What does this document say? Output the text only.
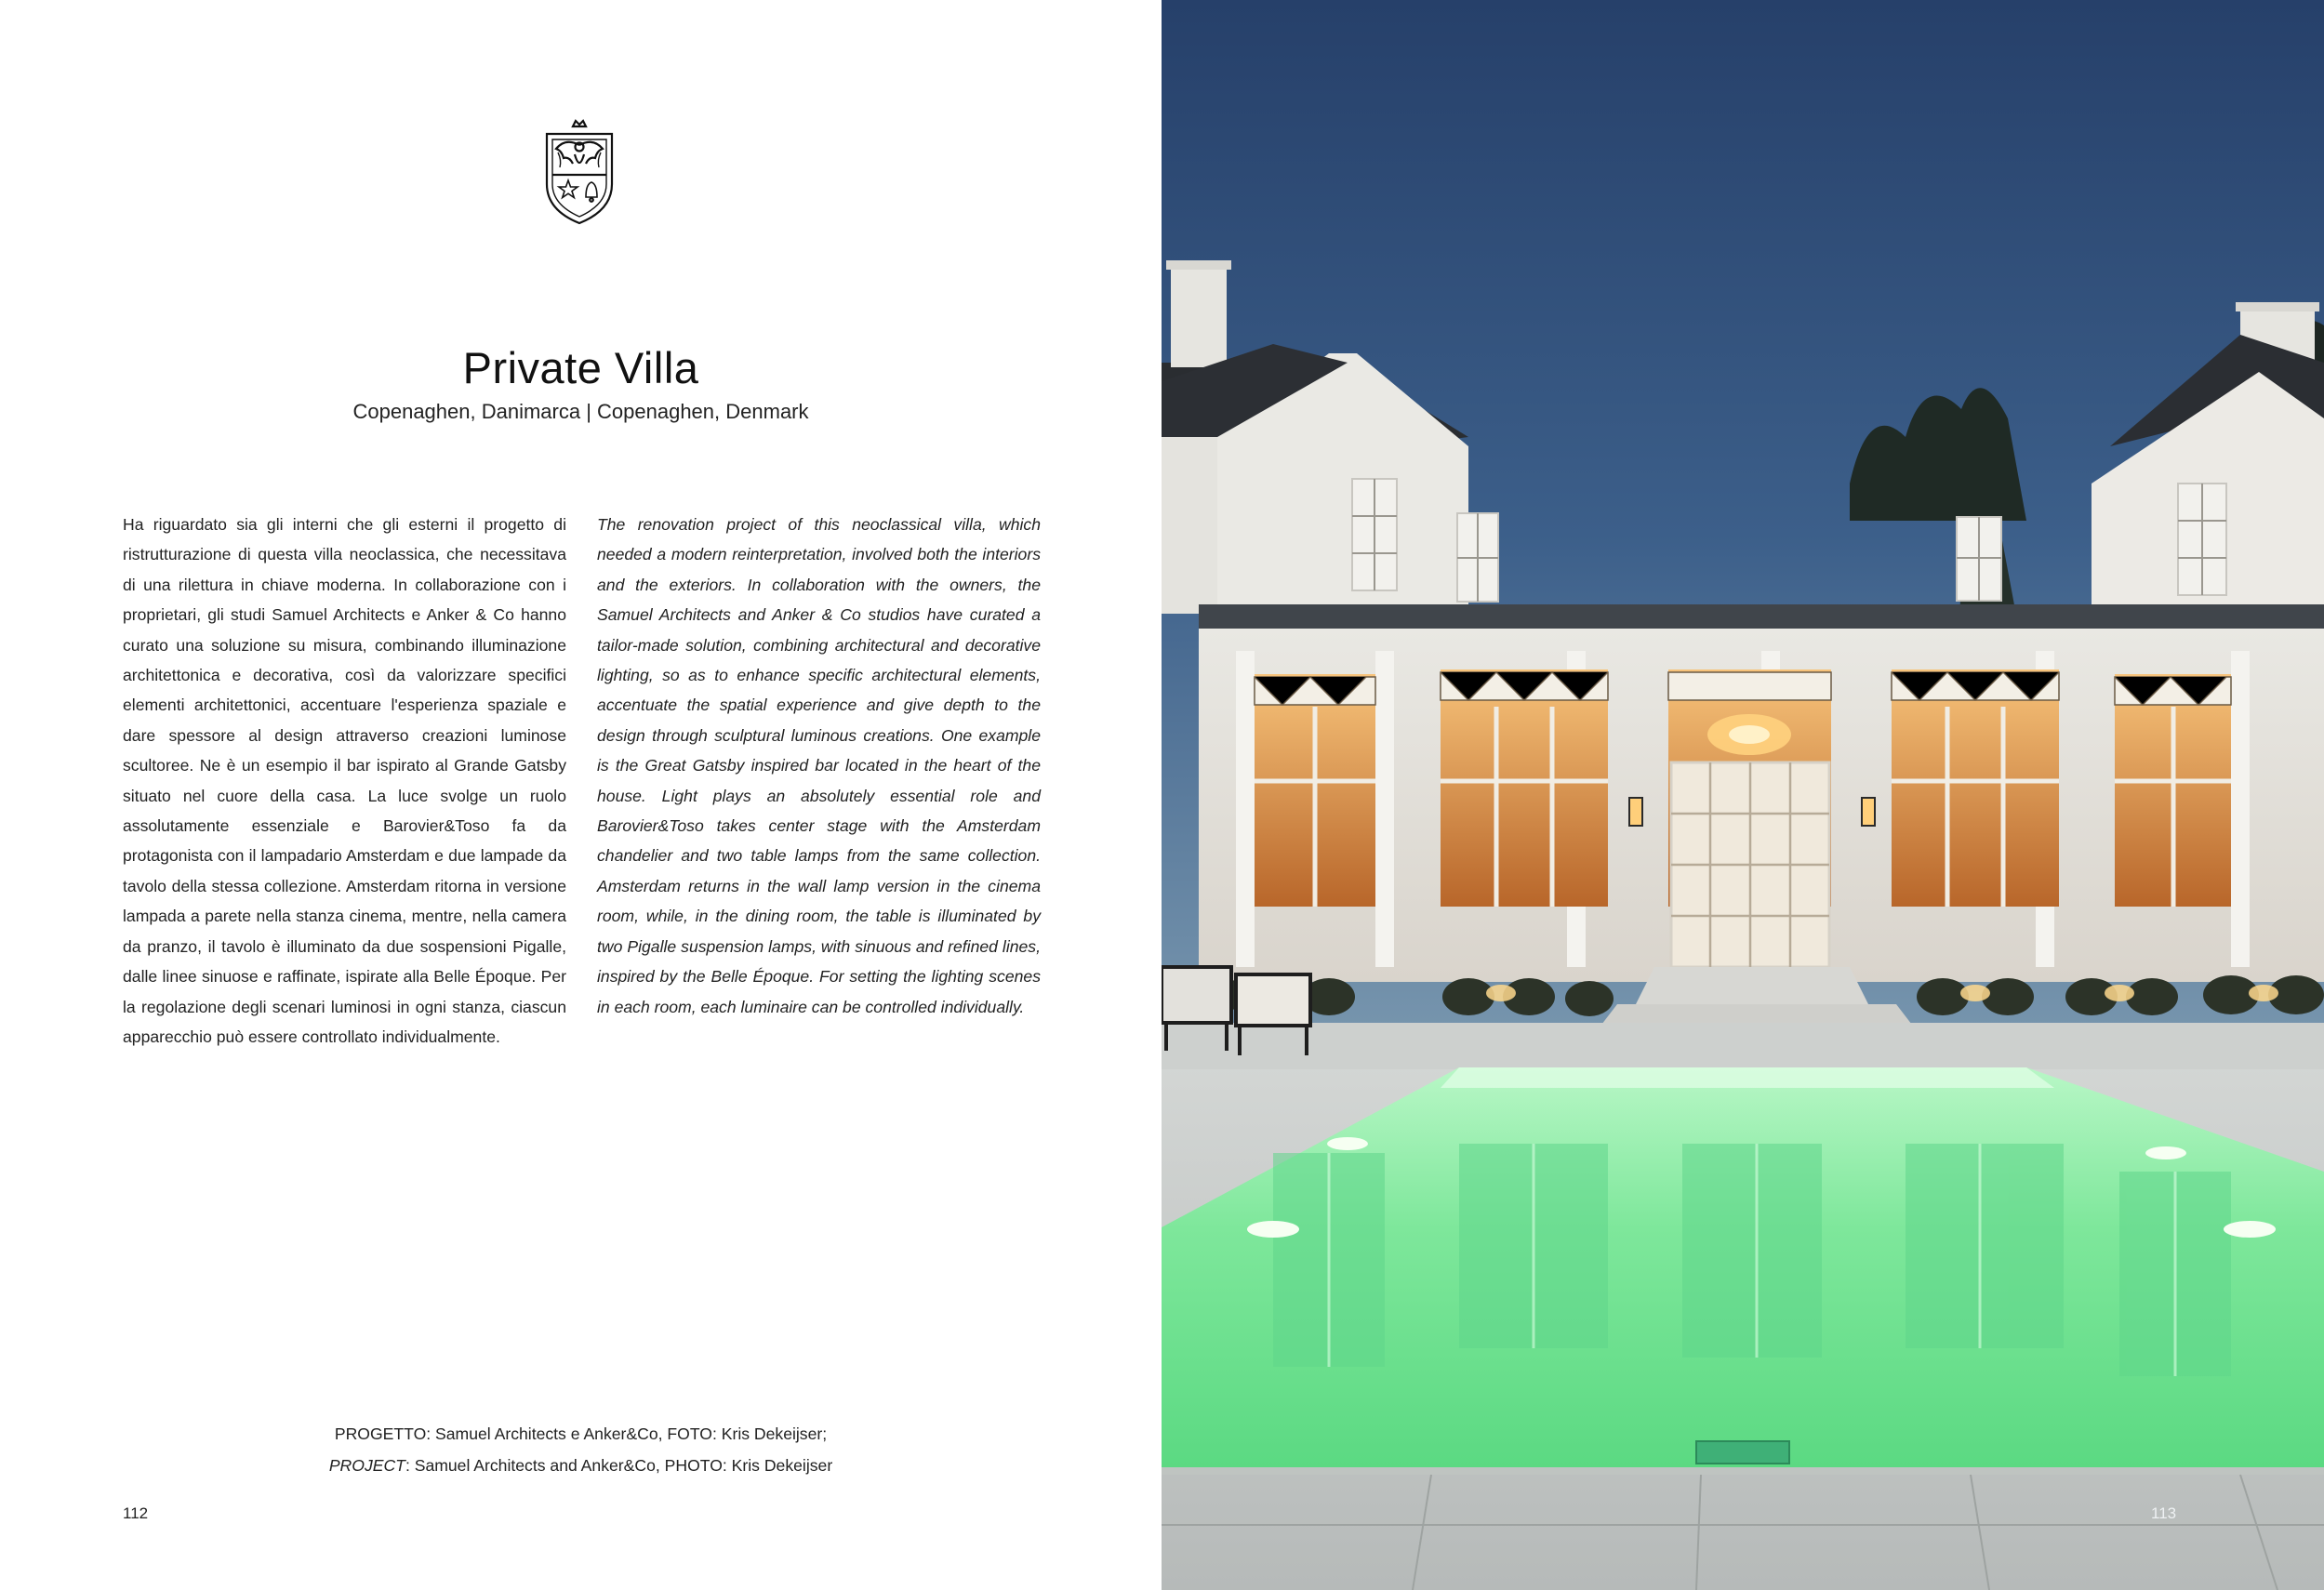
Private Villa
Copenaghen, Danimarca | Copenaghen, Denmark
Ha riguardato sia gli interni che gli esterni il progetto di ristrutturazione di questa villa neoclassica, che necessitava di una rilettura in chiave moderna. In collaborazione con i proprietari, gli studi Samuel Architects e Anker & Co hanno curato una soluzione su misura, combinando illuminazione architettonica e decorativa, così da valorizzare specifici elementi architettonici, accentuare l'esperienza spaziale e dare spessore al design attraverso creazioni luminose scultoree. Ne è un esempio il bar ispirato al Grande Gatsby situato nel cuore della casa. La luce svolge un ruolo assolutamente essenziale e Barovier&Toso fa da protagonista con il lampadario Amsterdam e due lampade da tavolo della stessa collezione. Amsterdam ritorna in versione lampada a parete nella stanza cinema, mentre, nella camera da pranzo, il tavolo è illuminato da due sospensioni Pigalle, dalle linee sinuose e raffinate, ispirate alla Belle Époque. Per la regolazione degli scenari luminosi in ogni stanza, ciascun apparecchio può essere controllato individualmente.
The renovation project of this neoclassical villa, which needed a modern reinterpretation, involved both the interiors and the exteriors. In collaboration with the owners, the Samuel Architects and Anker & Co studios have curated a tailor-made solution, combining architectural and decorative lighting, so as to enhance specific architectural elements, accentuate the spatial experience and give depth to the design through sculptural luminous creations. One example is the Great Gatsby inspired bar located in the heart of the house. Light plays an absolutely essential role and Barovier&Toso takes center stage with the Amsterdam chandelier and two table lamps from the same collection. Amsterdam returns in the wall lamp version in the cinema room, while, in the dining room, the table is illuminated by two Pigalle suspension lamps, with sinuous and refined lines, inspired by the Belle Époque. For setting the lighting scenes in each room, each luminaire can be controlled individually.
PROGETTO: Samuel Architects e Anker&Co, FOTO: Kris Dekeijser;
PROJECT: Samuel Architects and Anker&Co, PHOTO: Kris Dekeijser
112	113
